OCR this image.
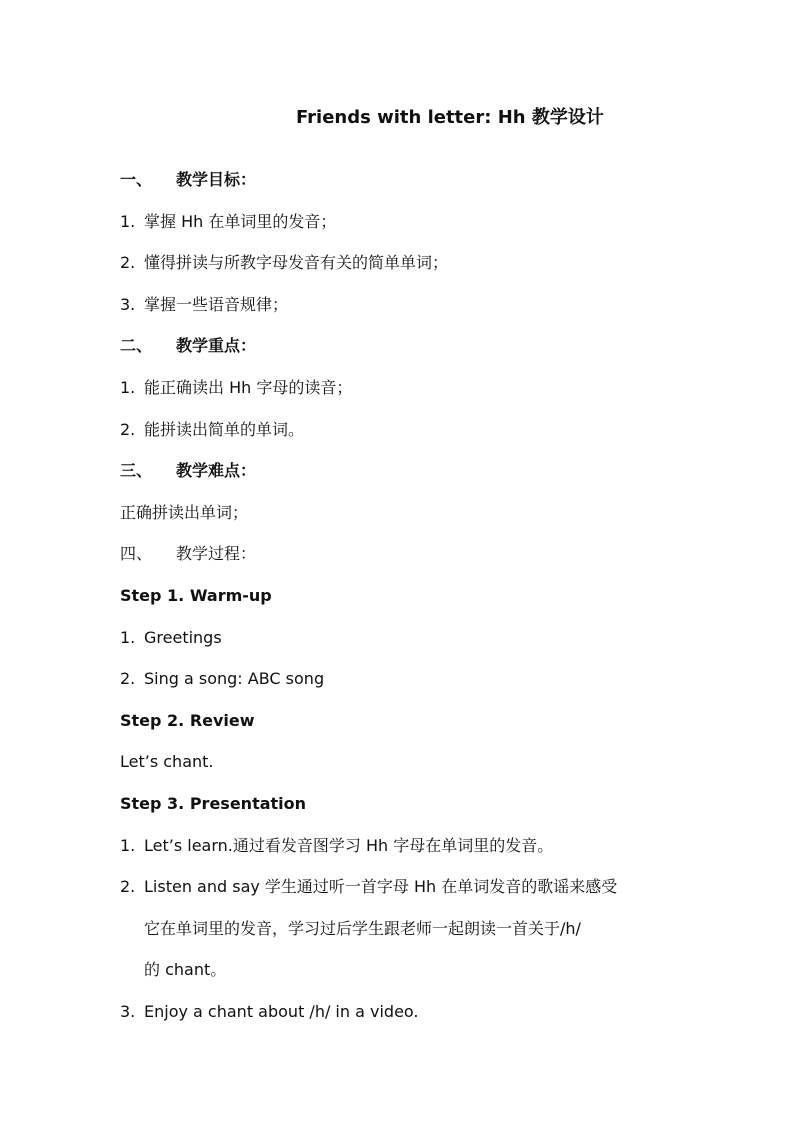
Friends with letter: Hh 教学设计
一、 教学目标：
1. 掌握 Hh 在单词里的发音；
2. 懂得拼读与所教字母发音有关的简单单词；
3. 掌握一些语音规律；
二、 教学重点：
1. 能正确读出 Hh 字母的读音；
2. 能拼读出简单的单词。
三、 教学难点：
正确拼读出单词；
四、 教学过程：
Step 1. Warm-up
1. Greetings
2. Sing a song: ABC song
Step 2. Review
Let’s chant.
Step 3. Presentation
1. Let’s learn.通过看发音图学习 Hh 字母在单词里的发音。
2. Listen and say 学生通过听一首字母 Hh 在单词发音的歌谣来感受
它在单词里的发音，学习过后学生跟老师一起朗读一首关于/h/
的 chant。
3. Enjoy a chant about /h/ in a video.
